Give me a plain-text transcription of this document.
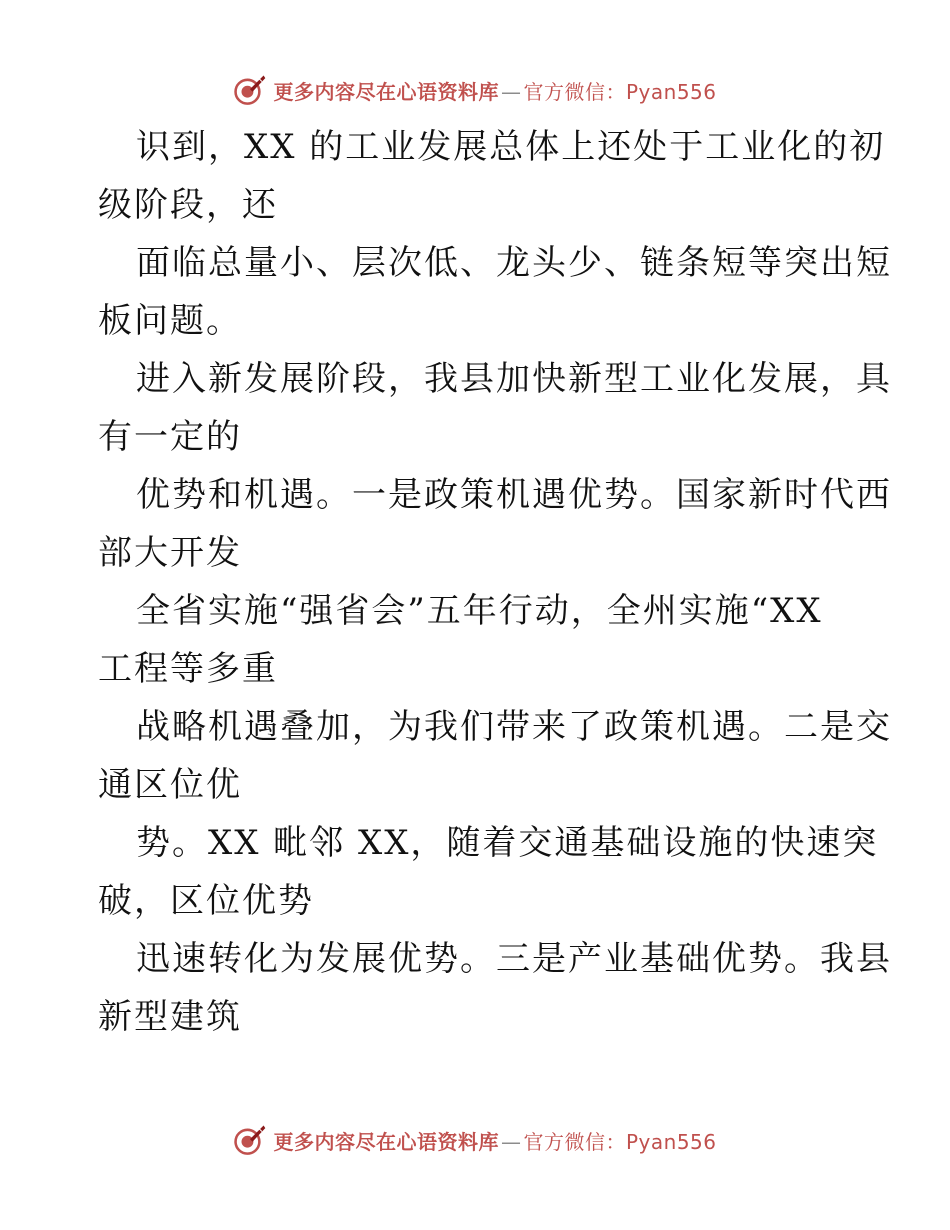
更多内容尽在心语资料库 — 官方微信：Pyan556
识到，XX 的工业发展总体上还处于工业化的初
级阶段，还
面临总量小、层次低、龙头少、链条短等突出短
板问题。
进入新发展阶段，我县加快新型工业化发展，具
有一定的
优势和机遇。一是政策机遇优势。国家新时代西
部大开发
全省实施“强省会”五年行动，全州实施“XX
工程等多重
战略机遇叠加，为我们带来了政策机遇。二是交
通区位优
势。XX 毗邻 XX，随着交通基础设施的快速突
破，区位优势
迅速转化为发展优势。三是产业基础优势。我县
新型建筑
更多内容尽在心语资料库 — 官方微信：Pyan556
